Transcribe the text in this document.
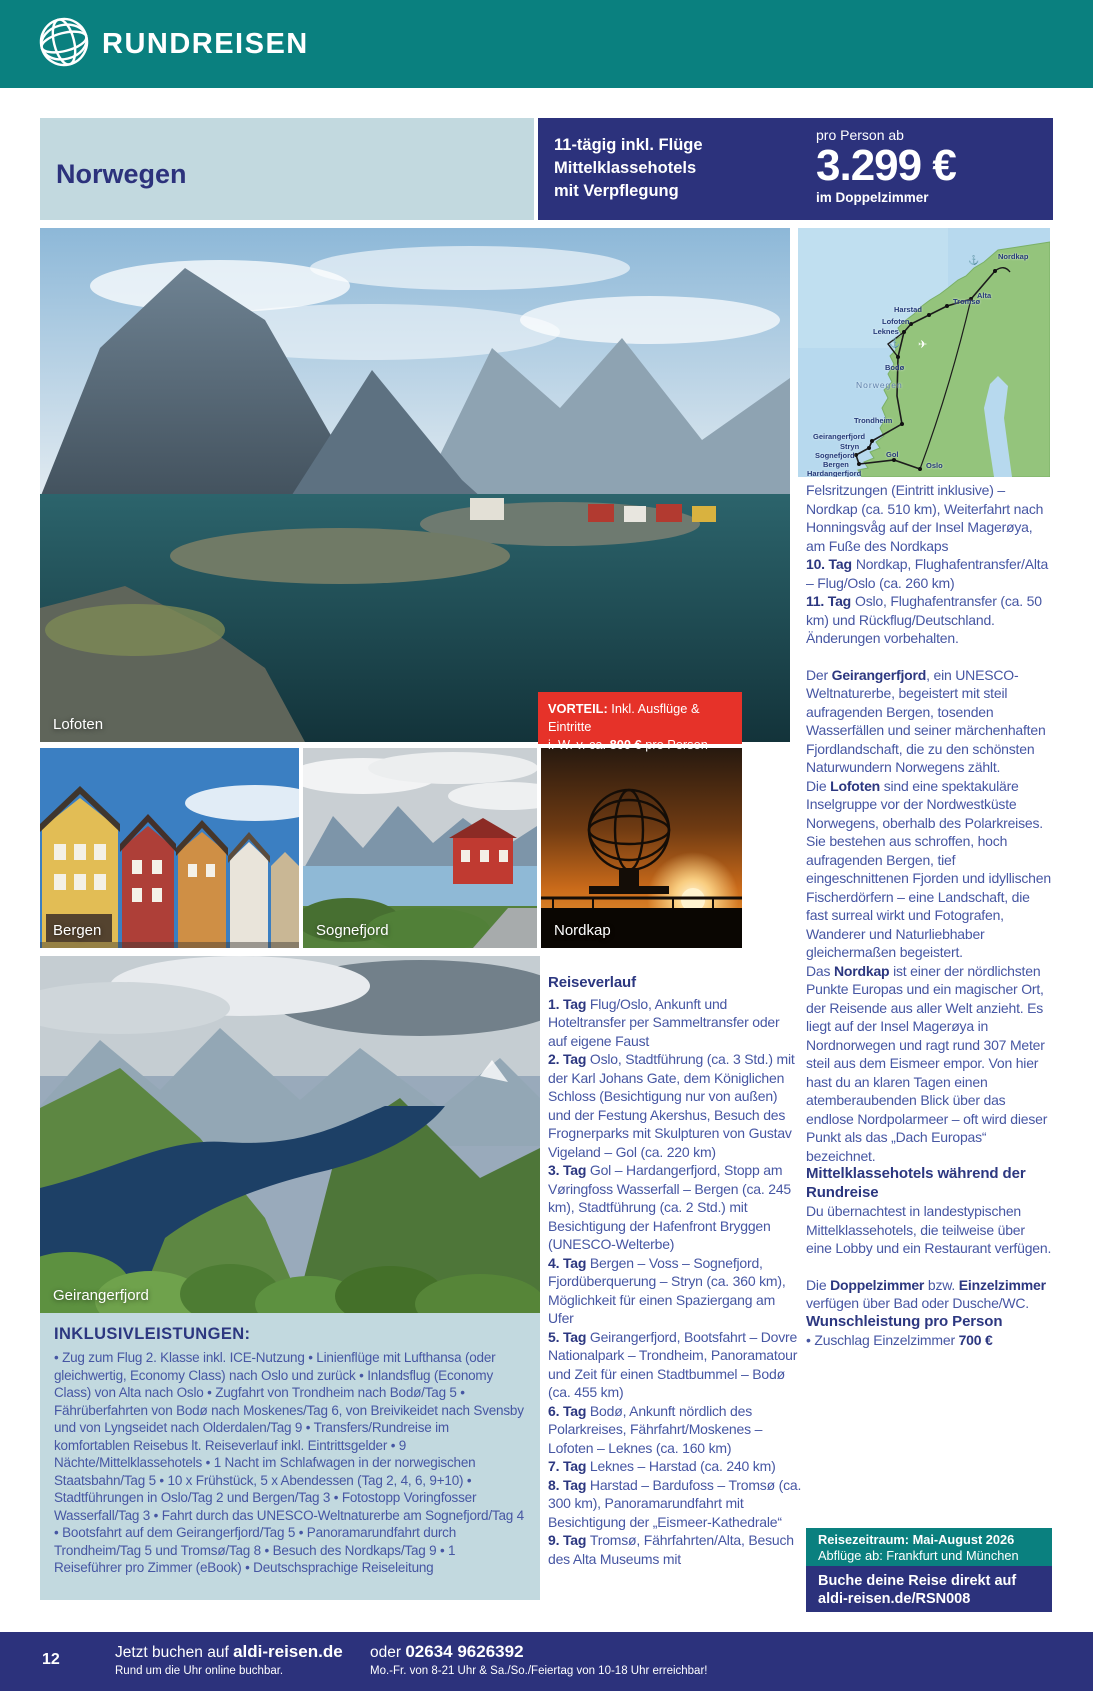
RUNDREISEN
Norwegen
11-tägig inkl. Flüge
Mittelklassehotels
mit Verpflegung
pro Person ab
3.299 €
im Doppelzimmer
Lofoten
VORTEIL: Inkl. Ausflüge & Eintritte
i. W. v. ca. 800 € pro Person
Nordkap
Alta
Tromsø
Harstad
Lofoten
Leknes
Bodø
Norwegen
Trondheim
Geirangerfjord
Stryn
Sognefjord
Bergen
Gol
Oslo
Hardangerfjord
⚓
⚓ ✈
Bergen	Sognefjord	Nordkap
Geirangerfjord
INKLUSIVLEISTUNGEN:
• Zug zum Flug 2. Klasse inkl. ICE-Nutzung • Linienflüge mit Lufthansa (oder gleichwertig, Economy Class) nach Oslo und zurück • Inlandsflug (Economy Class) von Alta nach Oslo • Zugfahrt von Trondheim nach Bodø/Tag 5 • Fährüberfahrten von Bodø nach Moskenes/Tag 6, von Breivikeidet nach Svensby und von Lyngseidet nach Olderdalen/Tag 9 • Transfers/Rundreise im komfortablen Reisebus lt. Reiseverlauf inkl. Eintrittsgelder • 9 Nächte/Mittelklassehotels • 1 Nacht im Schlafwagen in der norwegischen Staatsbahn/Tag 5 • 10 x Frühstück, 5 x Abendessen (Tag 2, 4, 6, 9+10) • Stadtführungen in Oslo/Tag 2 und Bergen/Tag 3 • Fotostopp Voringfosser Wasserfall/Tag 3 • Fahrt durch das UNESCO-Weltnaturerbe am Sognefjord/Tag 4 • Bootsfahrt auf dem Geirangerfjord/Tag 5 • Panoramarundfahrt durch Trondheim/Tag 5 und Tromsø/Tag 8 • Besuch des Nordkaps/Tag 9 • 1 Reiseführer pro Zimmer (eBook) • Deutschsprachige Reiseleitung

Reiseverlauf

1. Tag Flug/Oslo, Ankunft und Hoteltransfer per Sammeltransfer oder auf eigene Faust

2. Tag Oslo, Stadtführung (ca. 3 Std.) mit der Karl Johans Gate, dem Königlichen Schloss (Besichtigung nur von außen) und der Festung Akershus, Besuch des Frognerparks mit Skulpturen von Gustav Vigeland – Gol (ca. 220 km)

3. Tag Gol – Hardangerfjord, Stopp am Vøringfoss Wasserfall – Bergen (ca. 245 km), Stadtführung (ca. 2 Std.) mit Besichtigung der Hafenfront Bryggen (UNESCO-Welterbe)

4. Tag Bergen – Voss – Sognefjord, Fjordüberquerung – Stryn (ca. 360 km), Möglichkeit für einen Spaziergang am Ufer

5. Tag Geirangerfjord, Bootsfahrt – Dovre Nationalpark – Trondheim, Panoramatour und Zeit für einen Stadtbummel – Bodø (ca. 455 km)

6. Tag Bodø, Ankunft nördlich des Polarkreises, Fährfahrt/Moskenes – Lofoten – Leknes (ca. 160 km)

7. Tag Leknes – Harstad (ca. 240 km)

8. Tag Harstad – Bardufoss – Tromsø (ca. 300 km), Panoramarundfahrt mit Besichtigung der „Eismeer-Kathedrale“

9. Tag Tromsø, Fährfahrten/Alta, Besuch des Alta Museums mit

Felsritzungen (Eintritt inklusive) – Nordkap (ca. 510 km), Weiterfahrt nach Honningsvåg auf der Insel Magerøya, am Fuße des Nordkaps

10. Tag Nordkap, Flughafentransfer/Alta – Flug/Oslo (ca. 260 km)

11. Tag Oslo, Flughafentransfer (ca. 50 km) und Rückflug/Deutschland.

Änderungen vorbehalten.

Der Geirangerfjord, ein UNESCO-Weltnaturerbe, begeistert mit steil aufragenden Bergen, tosenden Wasserfällen und seiner märchenhaften Fjordlandschaft, die zu den schönsten Naturwundern Norwegens zählt.

Die Lofoten sind eine spektakuläre Inselgruppe vor der Nordwestküste Norwegens, oberhalb des Polarkreises. Sie bestehen aus schroffen, hoch aufragenden Bergen, tief eingeschnittenen Fjorden und idyllischen Fischerdörfern – eine Landschaft, die fast surreal wirkt und Fotografen, Wanderer und Naturliebhaber gleichermaßen begeistert.

Das Nordkap ist einer der nördlichsten Punkte Europas und ein magischer Ort, der Reisende aus aller Welt anzieht. Es liegt auf der Insel Magerøya in Nordnorwegen und ragt rund 307 Meter steil aus dem Eismeer empor. Von hier hast du an klaren Tagen einen atemberaubenden Blick über das endlose Nordpolarmeer – oft wird dieser Punkt als das „Dach Europas“ bezeichnet.

Mittelklassehotels während der Rundreise

Du übernachtest in landestypischen Mittelklassehotels, die teilweise über eine Lobby und ein Restaurant verfügen.

Die Doppelzimmer bzw. Einzelzimmer verfügen über Bad oder Dusche/WC.

Wunschleistung pro Person

• Zuschlag Einzelzimmer 700 €

Reisezeitraum: Mai-August 2026
Abflüge ab: Frankfurt und München
Buche deine Reise direkt auf
aldi-reisen.de/RSN008
12	Jetzt buchen auf aldi-reisen.de
Rund um die Uhr online buchbar.
oder 02634 9626392
Mo.-Fr. von 8-21 Uhr & Sa./So./Feiertag von 10-18 Uhr erreichbar!
